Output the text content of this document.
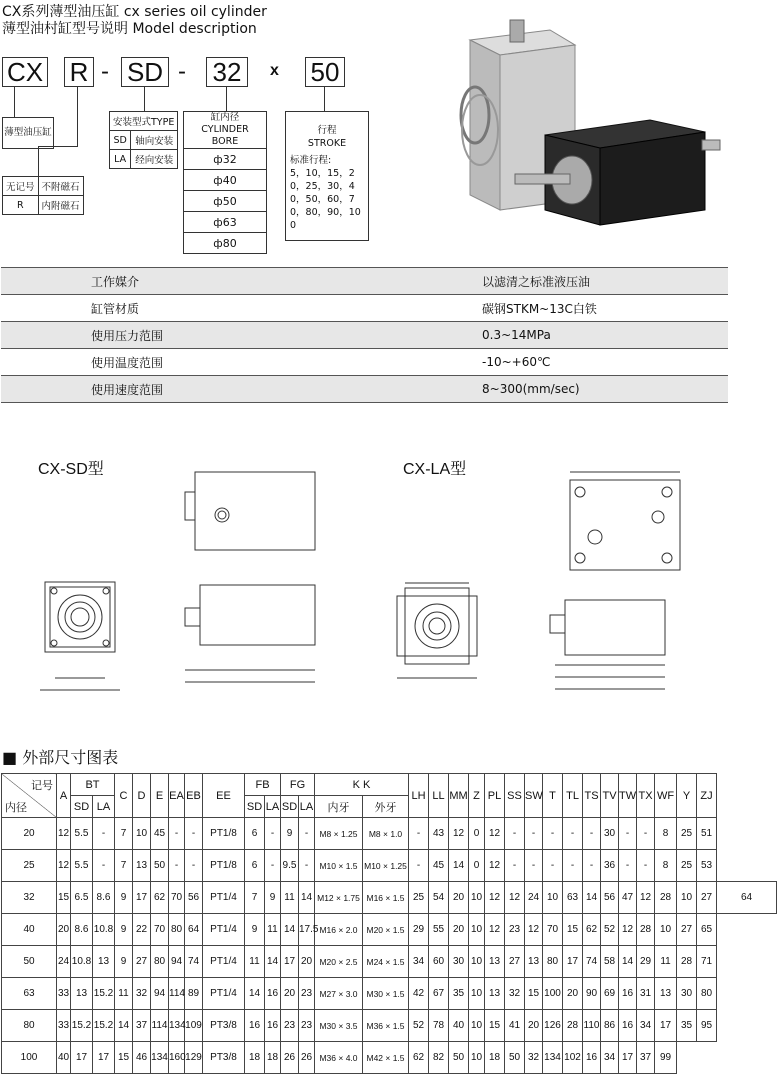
CX系列薄型油压缸 cx series oil cylinder
薄型油村缸型号说明 Model description
CX R - SD - 32	x 50
薄型油压缸
无记号	不附磁石
R	内附磁石
安装型式TYPE	
SD	轴向安装
LA	经向安装
缸内径
CYLINDER BORE
ф32
ф40
ф50
ф63
ф80
行程
STROKE
标准行程:
5，10，15，20，25，30，40，50，60，70，80，90，100
工作媒介	以滤清之标准液压油
缸管材质	碳钢STKM~13C白铁
使用压力范围	0.3~14MPa
使用温度范围	-10~+60℃
使用速度范围	8~300(mm/sec)
CX-SD型	CX-LA型
■ 外部尺寸图表
记号
内径	A	BT		C	D	E	EA	EB	EE	FB		FG		K K		LH	LL	MM	Z	PL	SS	SW	T	TL	TS	TV	TW	TX	WF	Y	ZJ	
		SD	LA							SD	LA	SD	LA	内牙	外牙																	
20	12	5.5	-	7	10	45	-	-	PT1/8	6	-	9	-	M8 × 1.25	M8 × 1.0	-	43	12	0	12	-	-	-	-	-	30	-	-	8	25	51	
25	12	5.5	-	7	13	50	-	-	PT1/8	6	-	9.5	-	M10 × 1.5	M10 × 1.25	-	45	14	0	12	-	-	-	-	-	36	-	-	8	25	53	
32	15	6.5	8.6	9	17	62	70	56	PT1/4	7	9	11	14	M12 × 1.75	M16 × 1.5	25	54	20	10	12	12	24	10	63	14	56	47	12	28	10	27	64
40	20	8.6	10.8	9	22	70	80	64	PT1/4	9	11	14	17.5	M16 × 2.0	M20 × 1.5	29	55	20	10	12	23	12	70	15	62	52	12	28	10	27	65	
50	24	10.8	13	9	27	80	94	74	PT1/4	11	14	17	20	M20 × 2.5	M24 × 1.5	34	60	30	10	13	27	13	80	17	74	58	14	29	11	28	71	
63	33	13	15.2	11	32	94	114	89	PT1/4	14	16	20	23	M27 × 3.0	M30 × 1.5	42	67	35	10	13	32	15	100	20	90	69	16	31	13	30	80	
80	33	15.2	15.2	14	37	114	134	109	PT3/8	16	16	23	23	M30 × 3.5	M36 × 1.5	52	78	40	10	15	41	20	126	28	110	86	16	34	17	35	95	
100	40	17	17	15	46	134	160	129	PT3/8	18	18	26	26	M36 × 4.0	M42 × 1.5	62	82	50	10	18	50	32	134	102	16	34	17	37	99			
